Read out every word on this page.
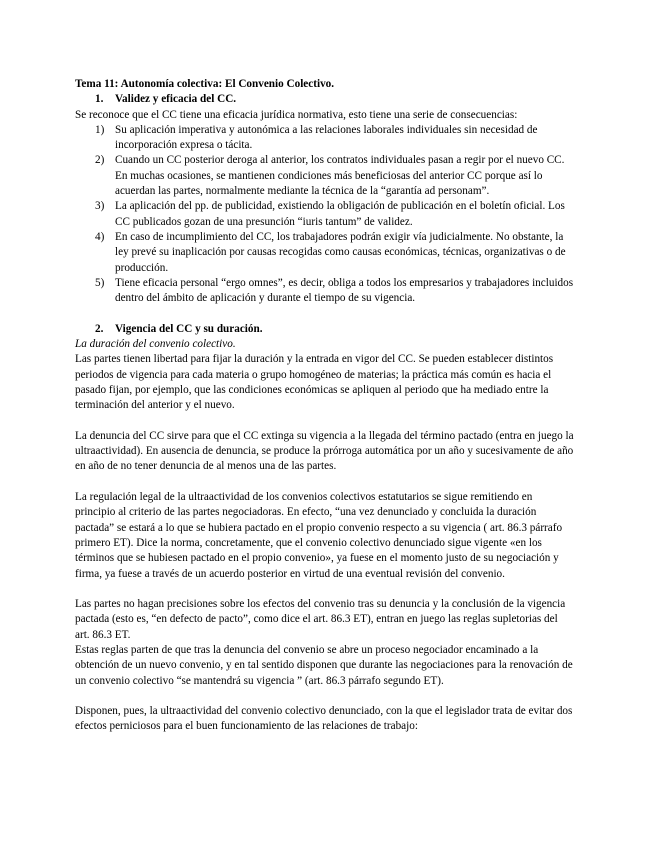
Tema 11: Autonomía colectiva: El Convenio Colectivo.

1. Validez y eficacia del CC.

Se reconoce que el CC tiene una eficacia jurídica normativa, esto tiene una serie de consecuencias:

1) Su aplicación imperativa y autonómica a las relaciones laborales individuales sin necesidad de incorporación expresa o tácita.
2) Cuando un CC posterior deroga al anterior, los contratos individuales pasan a regir por el nuevo CC. En muchas ocasiones, se mantienen condiciones más beneficiosas del anterior CC porque así lo acuerdan las partes, normalmente mediante la técnica de la “garantía ad personam”.
3) La aplicación del pp. de publicidad, existiendo la obligación de publicación en el boletín oficial. Los CC publicados gozan de una presunción “iuris tantum” de validez.
4) En caso de incumplimiento del CC, los trabajadores podrán exigir vía judicialmente. No obstante, la ley prevé su inaplicación por causas recogidas como causas económicas, técnicas, organizativas o de producción.
5) Tiene eficacia personal “ergo omnes”, es decir, obliga a todos los empresarios y trabajadores incluidos dentro del ámbito de aplicación y durante el tiempo de su vigencia.

2. Vigencia del CC y su duración.

La duración del convenio colectivo.

Las partes tienen libertad para fijar la duración y la entrada en vigor del CC. Se pueden establecer distintos periodos de vigencia para cada materia o grupo homogéneo de materias; la práctica más común es hacia el pasado fijan, por ejemplo, que las condiciones económicas se apliquen al periodo que ha mediado entre la terminación del anterior y el nuevo.

La denuncia del CC sirve para que el CC extinga su vigencia a la llegada del término pactado (entra en juego la ultraactividad). En ausencia de denuncia, se produce la prórroga automática por un año y sucesivamente de año en año de no tener denuncia de al menos una de las partes.

La regulación legal de la ultraactividad de los convenios colectivos estatutarios se sigue remitiendo en principio al criterio de las partes negociadoras. En efecto, “una vez denunciado y concluida la duración pactada” se estará a lo que se hubiera pactado en el propio convenio respecto a su vigencia ( art. 86.3 párrafo primero ET). Dice la norma, concretamente, que el convenio colectivo denunciado sigue vigente «en los términos que se hubiesen pactado en el propio convenio», ya fuese en el momento justo de su negociación y firma, ya fuese a través de un acuerdo posterior en virtud de una eventual revisión del convenio.

Las partes no hagan precisiones sobre los efectos del convenio tras su denuncia y la conclusión de la vigencia pactada (esto es, “en defecto de pacto”, como dice el art. 86.3 ET), entran en juego las reglas supletorias del art. 86.3 ET.

Estas reglas parten de que tras la denuncia del convenio se abre un proceso negociador encaminado a la obtención de un nuevo convenio, y en tal sentido disponen que durante las negociaciones para la renovación de un convenio colectivo “se mantendrá su vigencia ” (art. 86.3 párrafo segundo ET).

Disponen, pues, la ultraactividad del convenio colectivo denunciado, con la que el legislador trata de evitar dos efectos perniciosos para el buen funcionamiento de las relaciones de trabajo:
